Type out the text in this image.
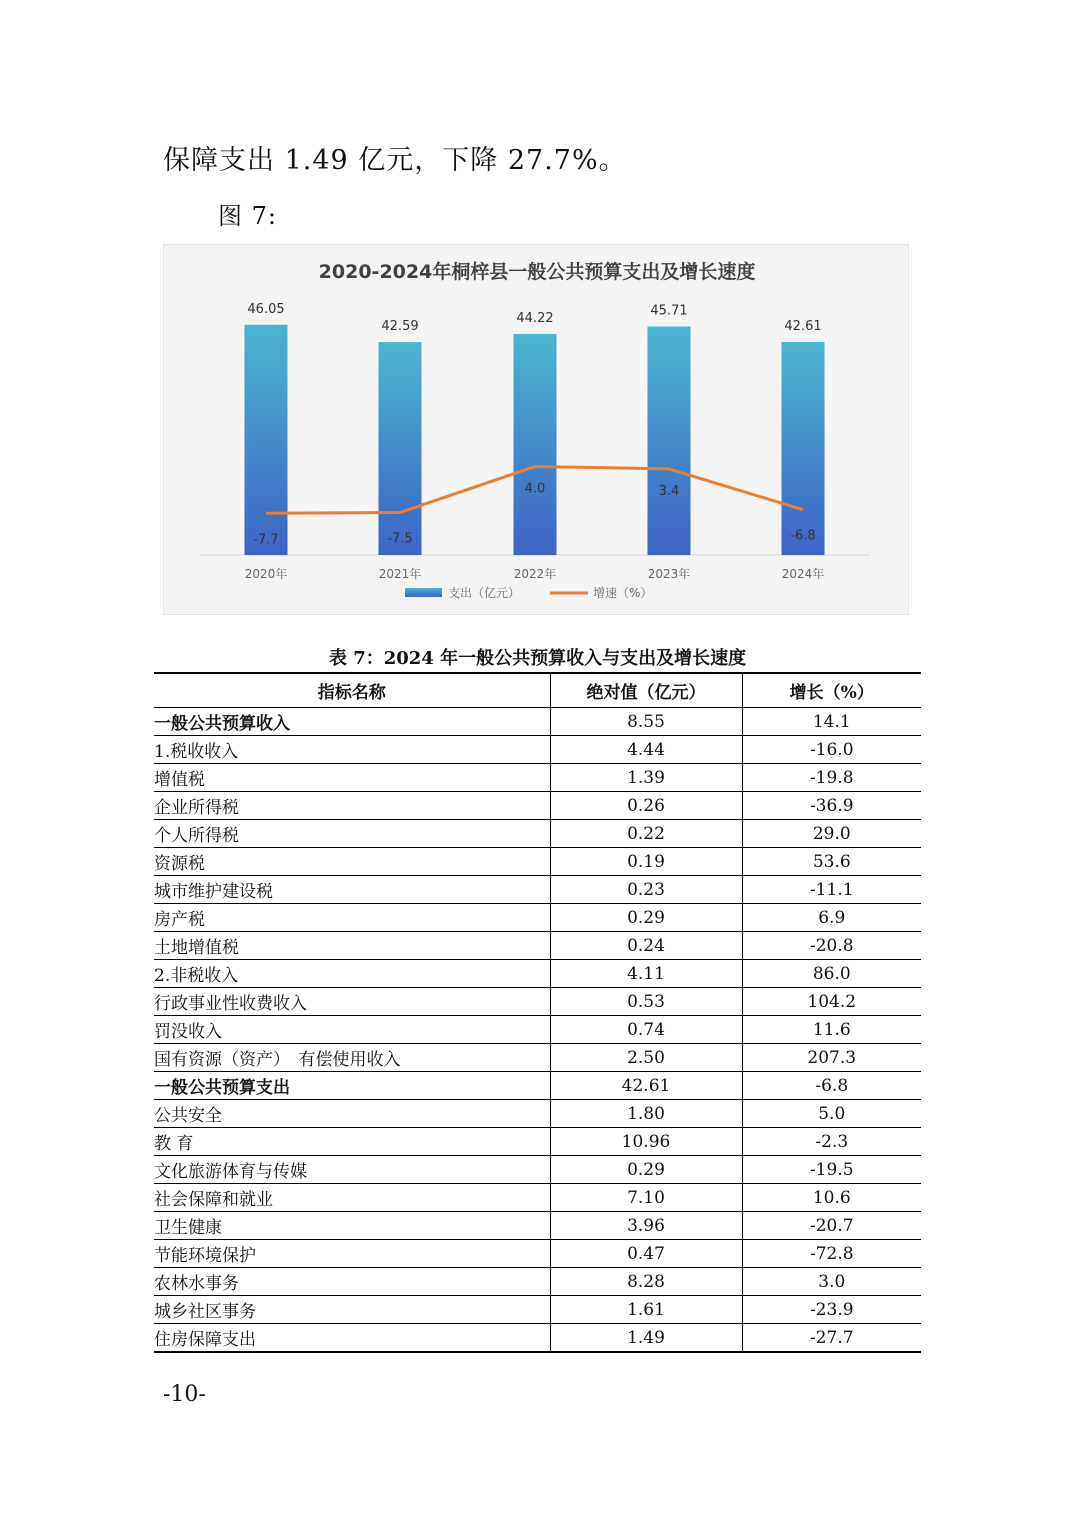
保障支出 1.49 亿元，下降 27.7%。
图 7:
2020-2024年桐梓县一般公共预算支出及增长速度
46.05
2020年
42.59
2021年
44.22
2022年
45.71
2023年
42.61
2024年
-7.7	-7.5
4.0	3.4
-6.8
支出（亿元）	增速（%）
表 7：2024 年一般公共预算收入与支出及增长速度
指标名称	绝对值（亿元）	增长（%）
一般公共预算收入	8.55	14.1
1.税收收入	4.44	-16.0
增值税	1.39	-19.8
企业所得税	0.26	-36.9
个人所得税	0.22	29.0
资源税	0.19	53.6
城市维护建设税	0.23	-11.1
房产税	0.29	6.9
土地增值税	0.24	-20.8
2.非税收入	4.11	86.0
行政事业性收费收入	0.53	104.2
罚没收入	0.74	11.6
国有资源（资产）　有偿使用收入	2.50	207.3
一般公共预算支出	42.61	-6.8
公共安全	1.80	5.0
教 育	10.96	-2.3
文化旅游体育与传媒	0.29	-19.5
社会保障和就业	7.10	10.6
卫生健康	3.96	-20.7
节能环境保护	0.47	-72.8
农林水事务	8.28	3.0
城乡社区事务	1.61	-23.9
住房保障支出	1.49	-27.7
-10-
